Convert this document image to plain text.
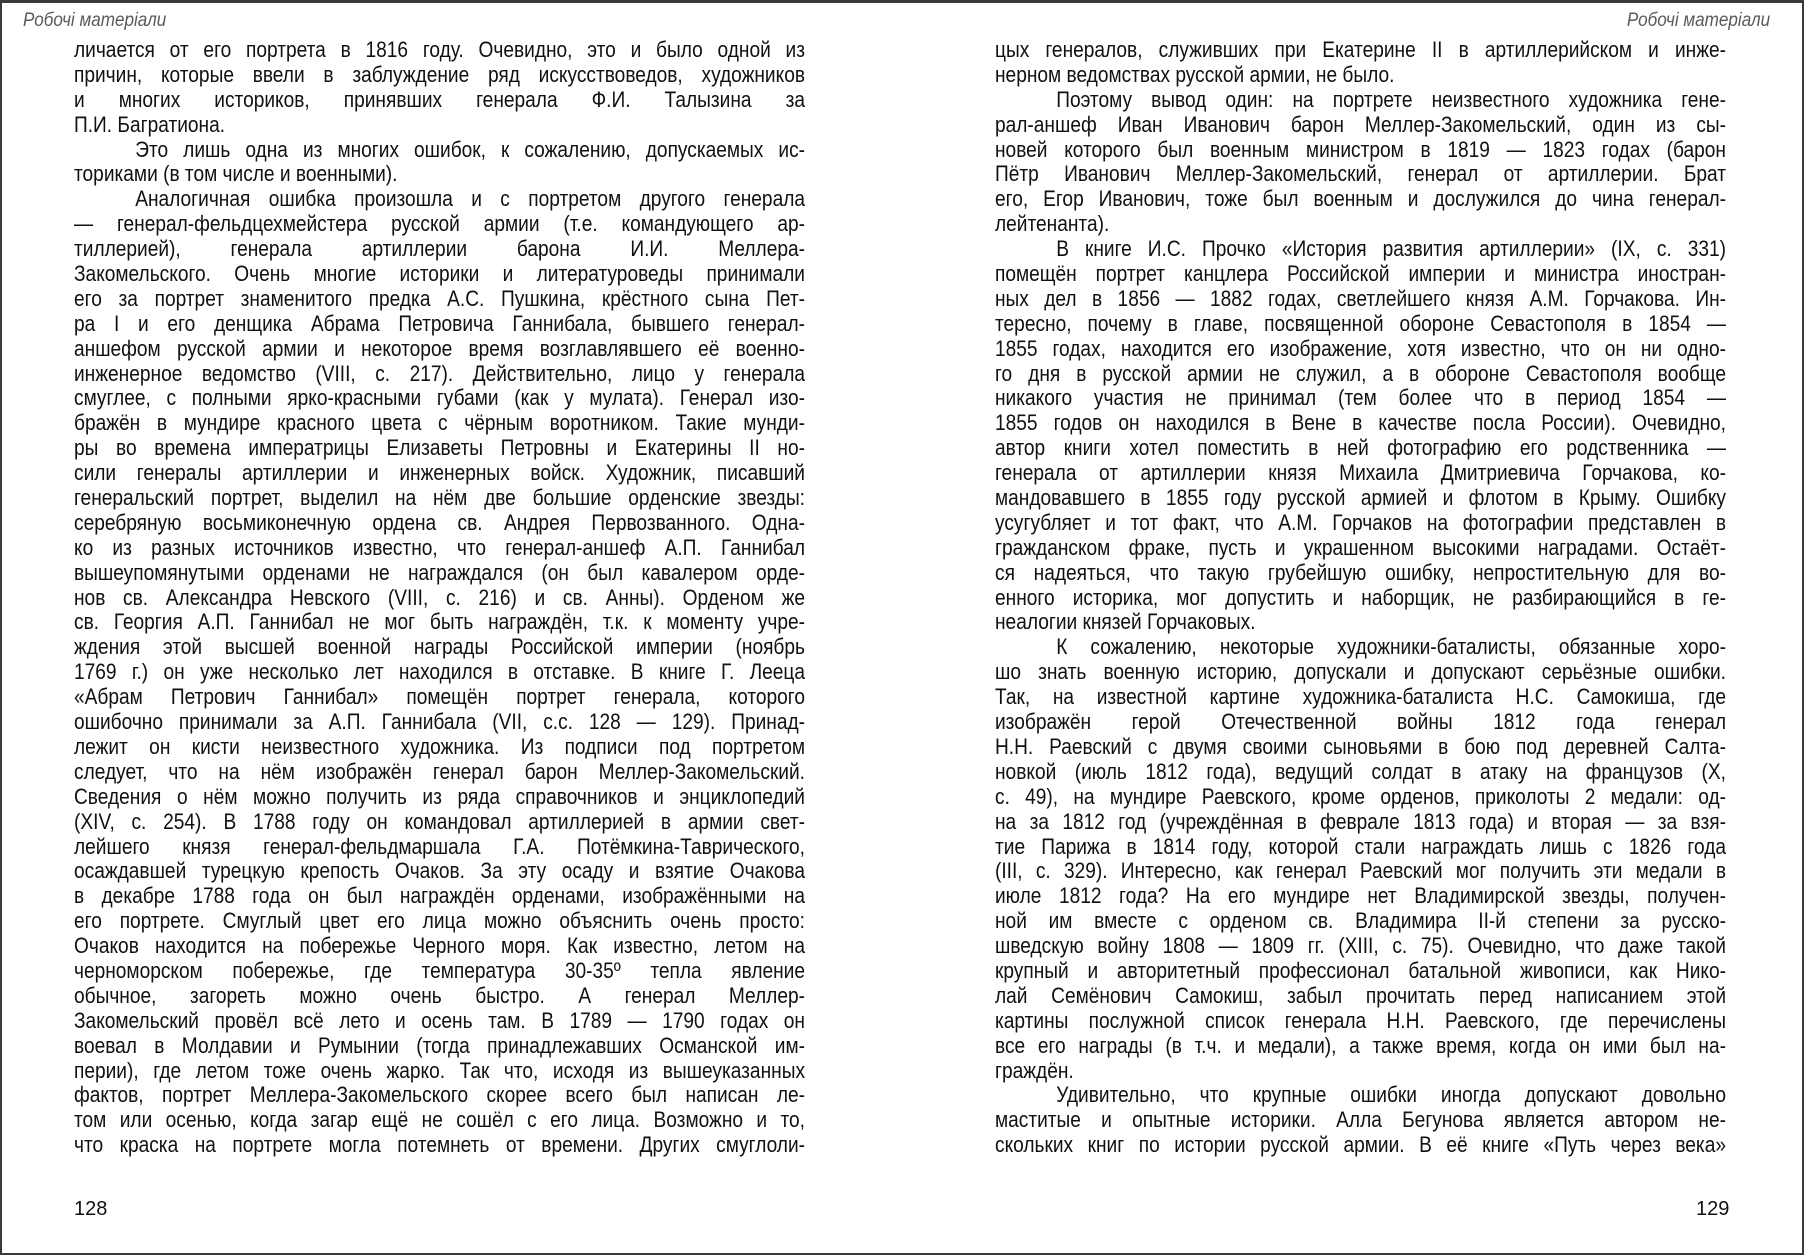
Робочі матеріали	Робочі матеріали
личается от его портрета в 1816 году. Очевидно, это и было одной из
причин, которые ввели в заблуждение ряд искусствоведов, художников
и многих историков, принявших генерала Ф.И. Талызина за
П.И. Багратиона.
Это лишь одна из многих ошибок, к сожалению, допускаемых ис-
ториками (в том числе и военными).
Аналогичная ошибка произошла и с портретом другого генерала
— генерал-фельдцехмейстера русской армии (т.е. командующего ар-
тиллерией), генерала артиллерии барона И.И. Меллера-
Закомельского. Очень многие историки и литературоведы принимали
его за портрет знаменитого предка А.С. Пушкина, крёстного сына Пет-
ра I и его денщика Абрама Петровича Ганнибала, бывшего генерал-
аншефом русской армии и некоторое время возглавлявшего её военно-
инженерное ведомство (VIII, с. 217). Действительно, лицо у генерала
смуглее, с полными ярко-красными губами (как у мулата). Генерал изо-
бражён в мундире красного цвета с чёрным воротником. Такие мунди-
ры во времена императрицы Елизаветы Петровны и Екатерины II но-
сили генералы артиллерии и инженерных войск. Художник, писавший
генеральский портрет, выделил на нём две большие орденские звезды:
серебряную восьмиконечную ордена св. Андрея Первозванного. Одна-
ко из разных источников известно, что генерал-аншеф А.П. Ганнибал
вышеупомянутыми орденами не награждался (он был кавалером орде-
нов св. Александра Невского (VIII, с. 216) и св. Анны). Орденом же
св. Георгия А.П. Ганнибал не мог быть награждён, т.к. к моменту учре-
ждения этой высшей военной награды Российской империи (ноябрь
1769 г.) он уже несколько лет находился в отставке. В книге Г. Лееца
«Абрам Петрович Ганнибал» помещён портрет генерала, которого
ошибочно принимали за А.П. Ганнибала (VII, с.с. 128 — 129). Принад-
лежит он кисти неизвестного художника. Из подписи под портретом
следует, что на нём изображён генерал барон Меллер-Закомельский.
Сведения о нём можно получить из ряда справочников и энциклопедий
(XIV, с. 254). В 1788 году он командовал артиллерией в армии свет-
лейшего князя генерал-фельдмаршала Г.А. Потёмкина-Таврического,
осаждавшей турецкую крепость Очаков. За эту осаду и взятие Очакова
в декабре 1788 года он был награждён орденами, изображёнными на
его портрете. Смуглый цвет его лица можно объяснить очень просто:
Очаков находится на побережье Черного моря. Как известно, летом на
черноморском побережье, где температура 30-35º тепла явление
обычное, загореть можно очень быстро. А генерал Меллер-
Закомельский провёл всё лето и осень там. В 1789 — 1790 годах он
воевал в Молдавии и Румынии (тогда принадлежавших Османской им-
перии), где летом тоже очень жарко. Так что, исходя из вышеуказанных
фактов, портрет Меллера-Закомельского скорее всего был написан ле-
том или осенью, когда загар ещё не сошёл с его лица. Возможно и то,
что краска на портрете могла потемнеть от времени. Других смуглоли-
цых генералов, служивших при Екатерине II в артиллерийском и инже-
нерном ведомствах русской армии, не было.
Поэтому вывод один: на портрете неизвестного художника гене-
рал-аншеф Иван Иванович барон Меллер-Закомельский, один из сы-
новей которого был военным министром в 1819 — 1823 годах (барон
Пётр Иванович Меллер-Закомельский, генерал от артиллерии. Брат
его, Егор Иванович, тоже был военным и дослужился до чина генерал-
лейтенанта).
В книге И.С. Прочко «История развития артиллерии» (IX, с. 331)
помещён портрет канцлера Российской империи и министра иностран-
ных дел в 1856 — 1882 годах, светлейшего князя А.М. Горчакова. Ин-
тересно, почему в главе, посвященной обороне Севастополя в 1854 —
1855 годах, находится его изображение, хотя известно, что он ни одно-
го дня в русской армии не служил, а в обороне Севастополя вообще
никакого участия не принимал (тем более что в период 1854 —
1855 годов он находился в Вене в качестве посла России). Очевидно,
автор книги хотел поместить в ней фотографию его родственника —
генерала от артиллерии князя Михаила Дмитриевича Горчакова, ко-
мандовавшего в 1855 году русской армией и флотом в Крыму. Ошибку
усугубляет и тот факт, что А.М. Горчаков на фотографии представлен в
гражданском фраке, пусть и украшенном высокими наградами. Остаёт-
ся надеяться, что такую грубейшую ошибку, непростительную для во-
енного историка, мог допустить и наборщик, не разбирающийся в ге-
неалогии князей Горчаковых.
К сожалению, некоторые художники-баталисты, обязанные хоро-
шо знать военную историю, допускали и допускают серьёзные ошибки.
Так, на известной картине художника-баталиста Н.С. Самокиша, где
изображён герой Отечественной войны 1812 года генерал
Н.Н. Раевский с двумя своими сыновьями в бою под деревней Салта-
новкой (июль 1812 года), ведущий солдат в атаку на французов (Х,
с. 49), на мундире Раевского, кроме орденов, приколоты 2 медали: од-
на за 1812 год (учреждённая в феврале 1813 года) и вторая — за взя-
тие Парижа в 1814 году, которой стали награждать лишь с 1826 года
(III, с. 329). Интересно, как генерал Раевский мог получить эти медали в
июле 1812 года? На его мундире нет Владимирской звезды, получен-
ной им вместе с орденом св. Владимира II-й степени за русско-
шведскую войну 1808 — 1809 гг. (XIII, с. 75). Очевидно, что даже такой
крупный и авторитетный профессионал батальной живописи, как Нико-
лай Семёнович Самокиш, забыл прочитать перед написанием этой
картины послужной список генерала Н.Н. Раевского, где перечислены
все его награды (в т.ч. и медали), а также время, когда он ими был на-
граждён.
Удивительно, что крупные ошибки иногда допускают довольно
маститые и опытные историки. Алла Бегунова является автором не-
скольких книг по истории русской армии. В её книге «Путь через века»
128	129
